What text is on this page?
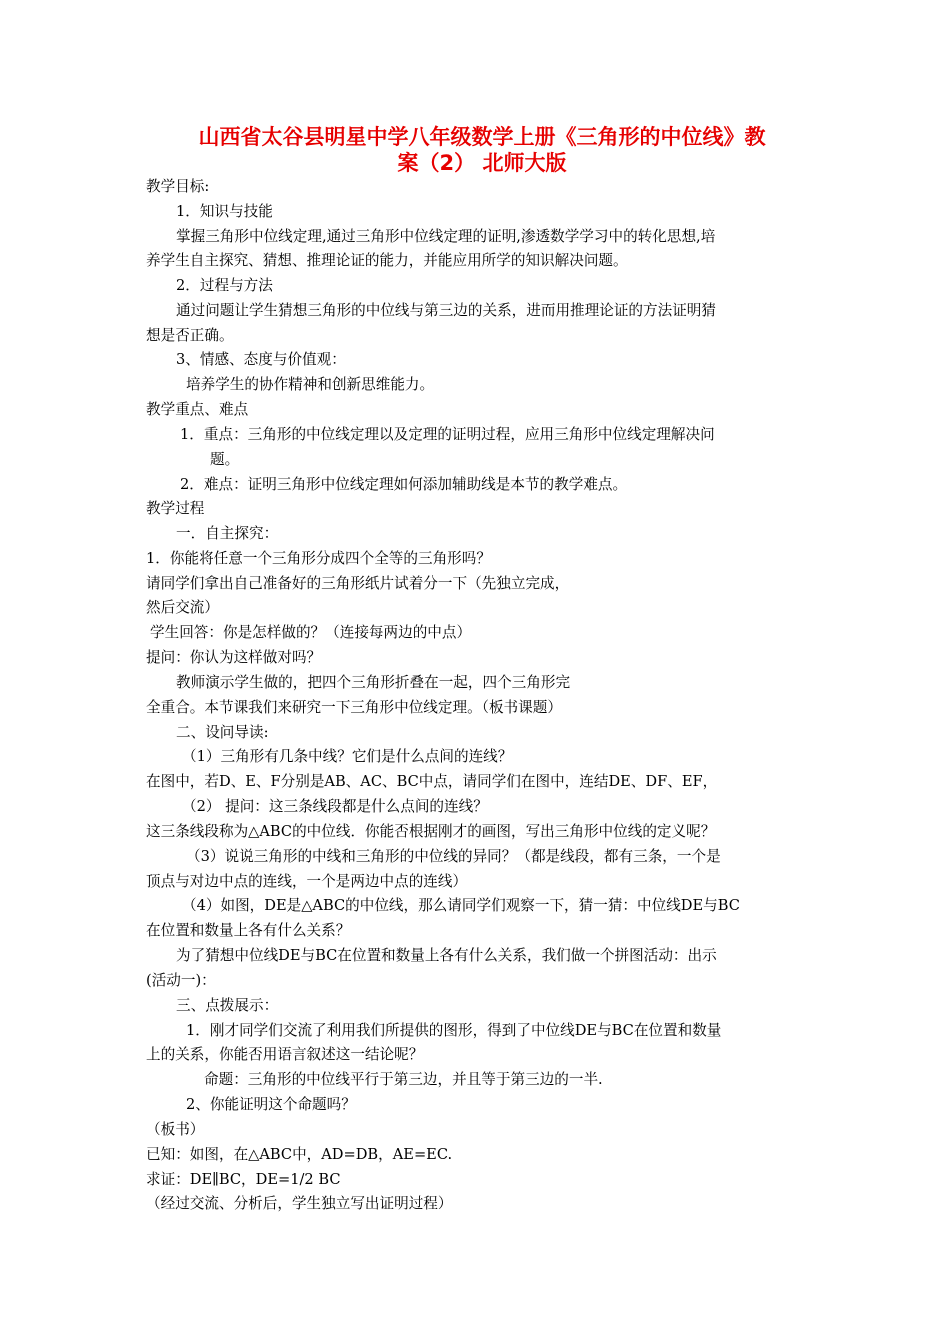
山西省太谷县明星中学八年级数学上册《三角形的中位线》教
案（2） 北师大版
教学目标:
1．知识与技能
掌握三角形中位线定理,通过三角形中位线定理的证明,渗透数学学习中的转化思想,培
养学生自主探究、猜想、推理论证的能力，并能应用所学的知识解决问题。
2．过程与方法
通过问题让学生猜想三角形的中位线与第三边的关系，进而用推理论证的方法证明猜
想是否正确。
3、情感、态度与价值观：
培养学生的协作精神和创新思维能力。
教学重点、难点
1．重点：三角形的中位线定理以及定理的证明过程，应用三角形中位线定理解决问
题。
2．难点：证明三角形中位线定理如何添加辅助线是本节的教学难点。
教学过程
一．自主探究：
1．你能将任意一个三角形分成四个全等的三角形吗？
请同学们拿出自己准备好的三角形纸片试着分一下（先独立完成，
然后交流）
学生回答：你是怎样做的？（连接每两边的中点）
提问：你认为这样做对吗？
教师演示学生做的，把四个三角形折叠在一起，四个三角形完
全重合。本节课我们来研究一下三角形中位线定理。（板书课题）
二、设问导读:
（1）三角形有几条中线？它们是什么点间的连线？
在图中，若D、E、F分别是AB、AC、BC中点，请同学们在图中，连结DE、DF、EF，
（2） 提问：这三条线段都是什么点间的连线？
这三条线段称为△ABC的中位线．你能否根据刚才的画图，写出三角形中位线的定义呢？
（3）说说三角形的中线和三角形的中位线的异同？（都是线段，都有三条，一个是
顶点与对边中点的连线，一个是两边中点的连线）
（4）如图，DE是△ABC的中位线，那么请同学们观察一下，猜一猜：中位线DE与BC
在位置和数量上各有什么关系？
为了猜想中位线DE与BC在位置和数量上各有什么关系，我们做一个拼图活动：出示
(活动一)：
三、点拨展示：
1．刚才同学们交流了利用我们所提供的图形，得到了中位线DE与BC在位置和数量
上的关系，你能否用语言叙述这一结论呢？
命题：三角形的中位线平行于第三边，并且等于第三边的一半.
2、你能证明这个命题吗？
（板书）
已知：如图，在△ABC中，AD=DB，AE=EC.
求证：DE∥BC，DE=1/2 BC
（经过交流、分析后，学生独立写出证明过程）
